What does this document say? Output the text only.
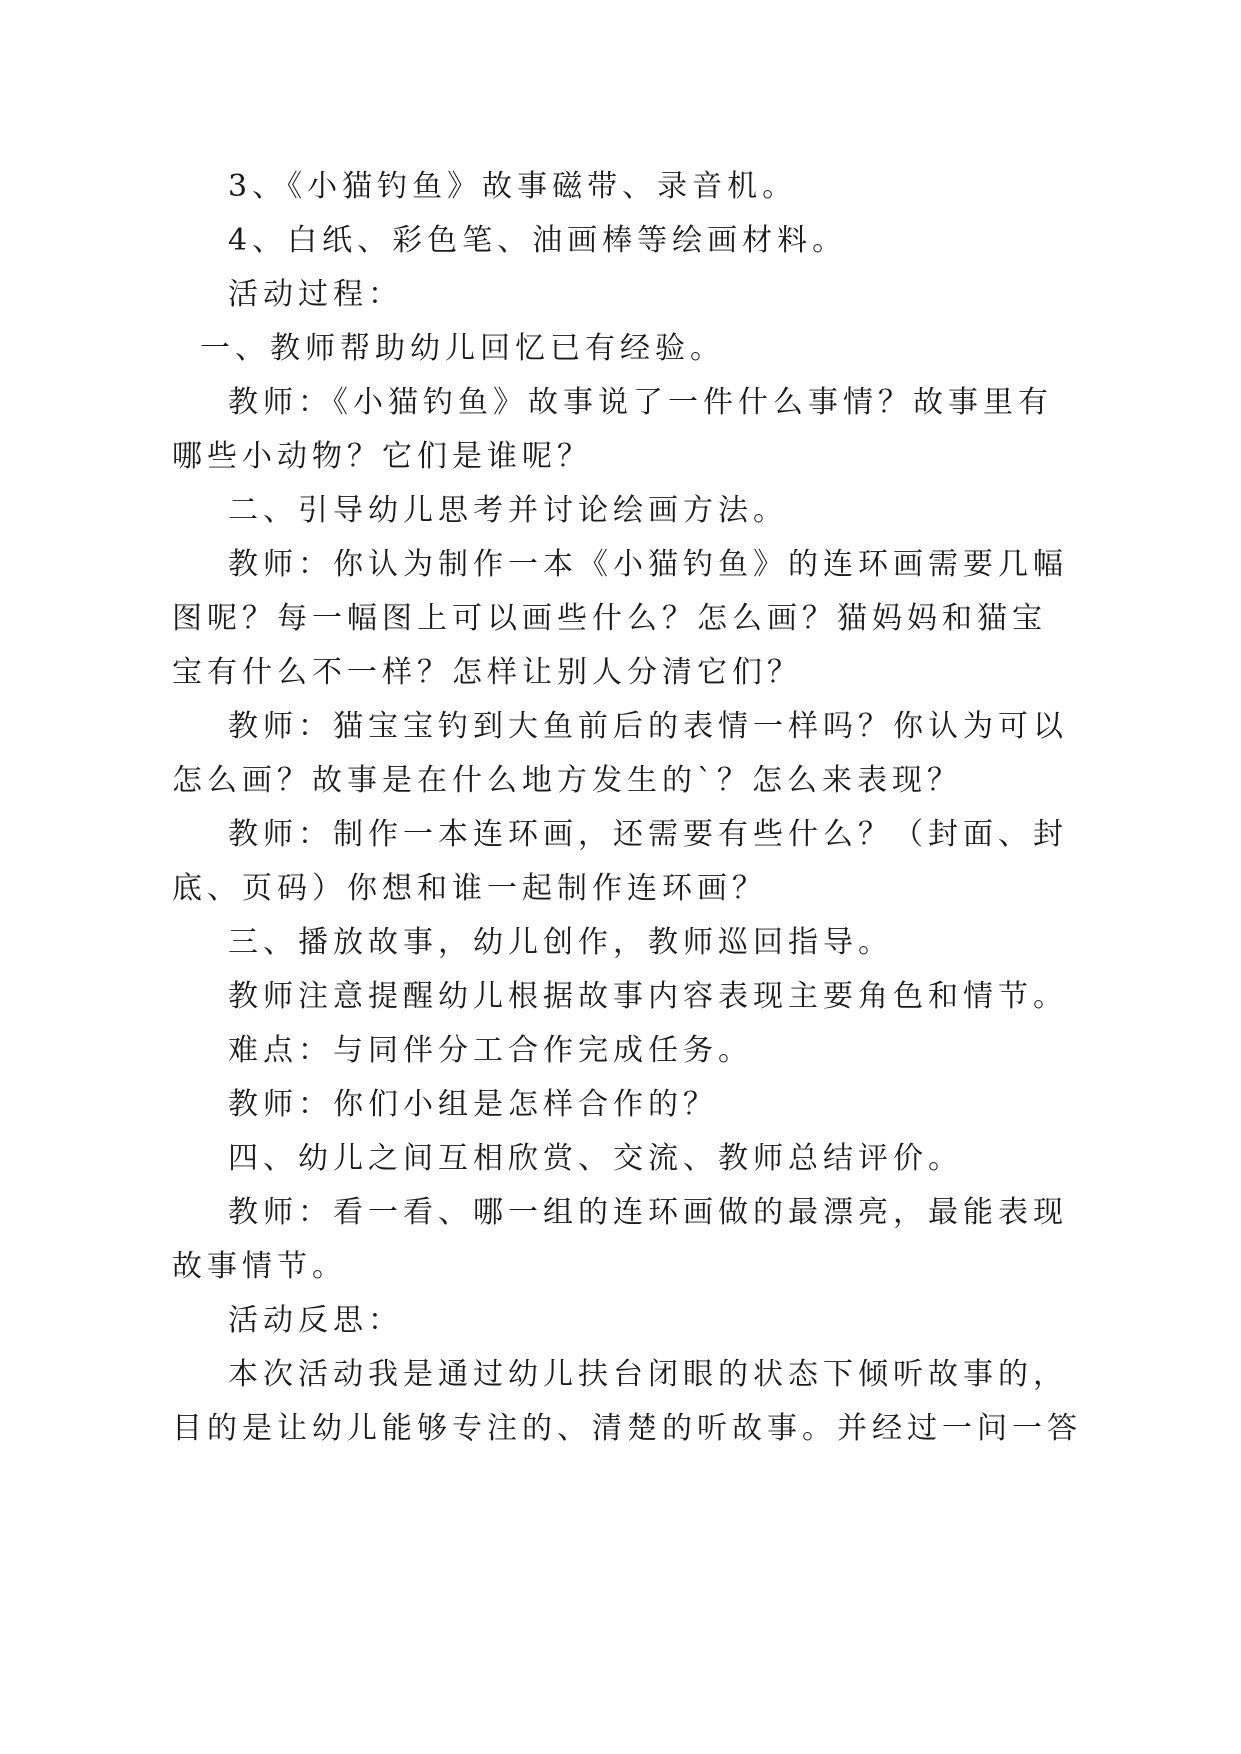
3、《小猫钓鱼》故事磁带、录音机。
4、白纸、彩色笔、油画棒等绘画材料。
活动过程：
一、教师帮助幼儿回忆已有经验。
教师：《小猫钓鱼》故事说了一件什么事情？故事里有
哪些小动物？它们是谁呢？
二、引导幼儿思考并讨论绘画方法。
教师：你认为制作一本《小猫钓鱼》的连环画需要几幅
图呢？每一幅图上可以画些什么？怎么画？猫妈妈和猫宝
宝有什么不一样？怎样让别人分清它们？
教师：猫宝宝钓到大鱼前后的表情一样吗？你认为可以
怎么画？故事是在什么地方发生的`？怎么来表现？
教师：制作一本连环画，还需要有些什么？（封面、封
底、页码）你想和谁一起制作连环画？
三、播放故事，幼儿创作，教师巡回指导。
教师注意提醒幼儿根据故事内容表现主要角色和情节。
难点：与同伴分工合作完成任务。
教师：你们小组是怎样合作的？
四、幼儿之间互相欣赏、交流、教师总结评价。
教师：看一看、哪一组的连环画做的最漂亮，最能表现
故事情节。
活动反思：
本次活动我是通过幼儿扶台闭眼的状态下倾听故事的，
目的是让幼儿能够专注的、清楚的听故事。并经过一问一答
